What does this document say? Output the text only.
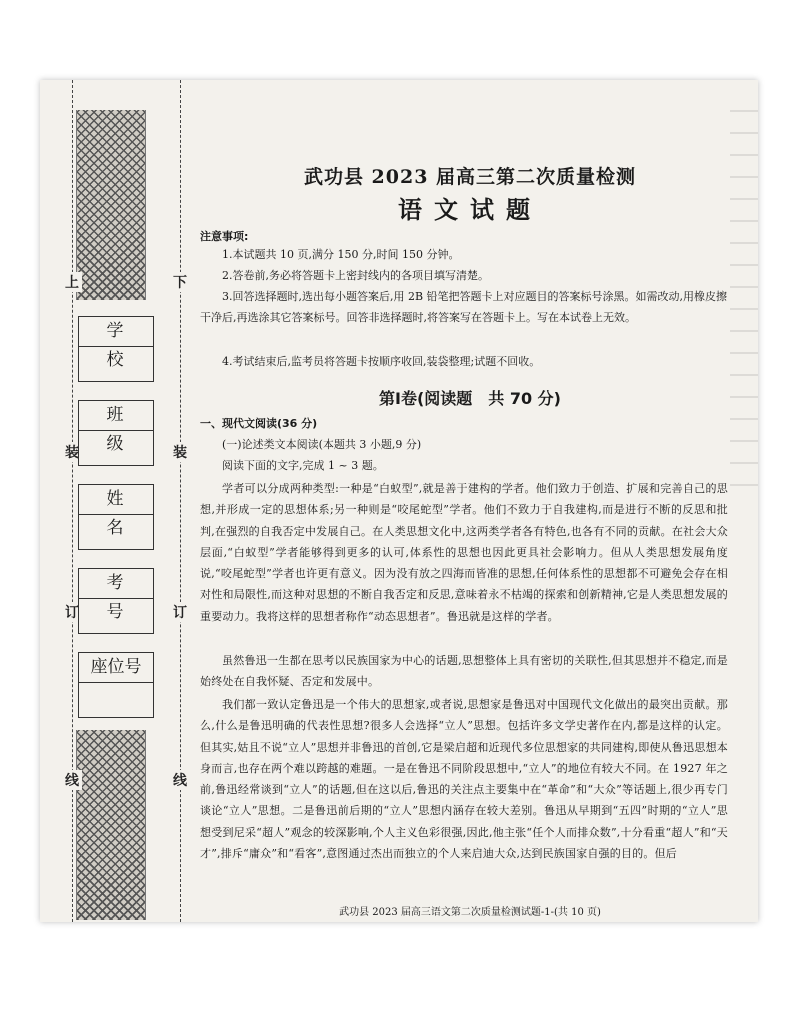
上
装
订
线
下
装
订
线
学 校
班 级
姓 名
考 号
座位号
武功县 2023 届高三第二次质量检测
语文试题
注意事项:
1.本试题共 10 页,满分 150 分,时间 150 分钟。
2.答卷前,务必将答题卡上密封线内的各项目填写清楚。
3.回答选择题时,选出每小题答案后,用 2B 铅笔把答题卡上对应题目的答案标号涂黑。如需改动,用橡皮擦干净后,再选涂其它答案标号。回答非选择题时,将答案写在答题卡上。写在本试卷上无效。
4.考试结束后,监考员将答题卡按顺序收回,装袋整理;试题不回收。
第Ⅰ卷(阅读题　共 70 分)
一、现代文阅读(36 分)
(一)论述类文本阅读(本题共 3 小题,9 分)
阅读下面的文字,完成 1 ~ 3 题。
学者可以分成两种类型:一种是“白蚁型”,就是善于建构的学者。他们致力于创造、扩展和完善自己的思想,并形成一定的思想体系;另一种则是“咬尾蛇型”学者。他们不致力于自我建构,而是进行不断的反思和批判,在强烈的自我否定中发展自己。在人类思想文化中,这两类学者各有特色,也各有不同的贡献。在社会大众层面,“白蚁型”学者能够得到更多的认可,体系性的思想也因此更具社会影响力。但从人类思想发展角度说,“咬尾蛇型”学者也许更有意义。因为没有放之四海而皆准的思想,任何体系性的思想都不可避免会存在相对性和局限性,而这种对思想的不断自我否定和反思,意味着永不枯竭的探索和创新精神,它是人类思想发展的重要动力。我将这样的思想者称作“动态思想者”。鲁迅就是这样的学者。
虽然鲁迅一生都在思考以民族国家为中心的话题,思想整体上具有密切的关联性,但其思想并不稳定,而是始终处在自我怀疑、否定和发展中。
我们都一致认定鲁迅是一个伟大的思想家,或者说,思想家是鲁迅对中国现代文化做出的最突出贡献。那么,什么是鲁迅明确的代表性思想?很多人会选择“立人”思想。包括许多文学史著作在内,都是这样的认定。但其实,姑且不说“立人”思想并非鲁迅的首创,它是梁启超和近现代多位思想家的共同建构,即使从鲁迅思想本身而言,也存在两个难以跨越的难题。一是在鲁迅不同阶段思想中,“立人”的地位有较大不同。在 1927 年之前,鲁迅经常谈到“立人”的话题,但在这以后,鲁迅的关注点主要集中在“革命”和“大众”等话题上,很少再专门谈论“立人”思想。二是鲁迅前后期的“立人”思想内涵存在较大差别。鲁迅从早期到“五四”时期的“立人”思想受到尼采“超人”观念的较深影响,个人主义色彩很强,因此,他主张“任个人而排众数”,十分看重“超人”和“天才”,排斥“庸众”和“看客”,意图通过杰出而独立的个人来启迪大众,达到民族国家自强的目的。但后
武功县 2023 届高三语文第二次质量检测试题-1-(共 10 页)
